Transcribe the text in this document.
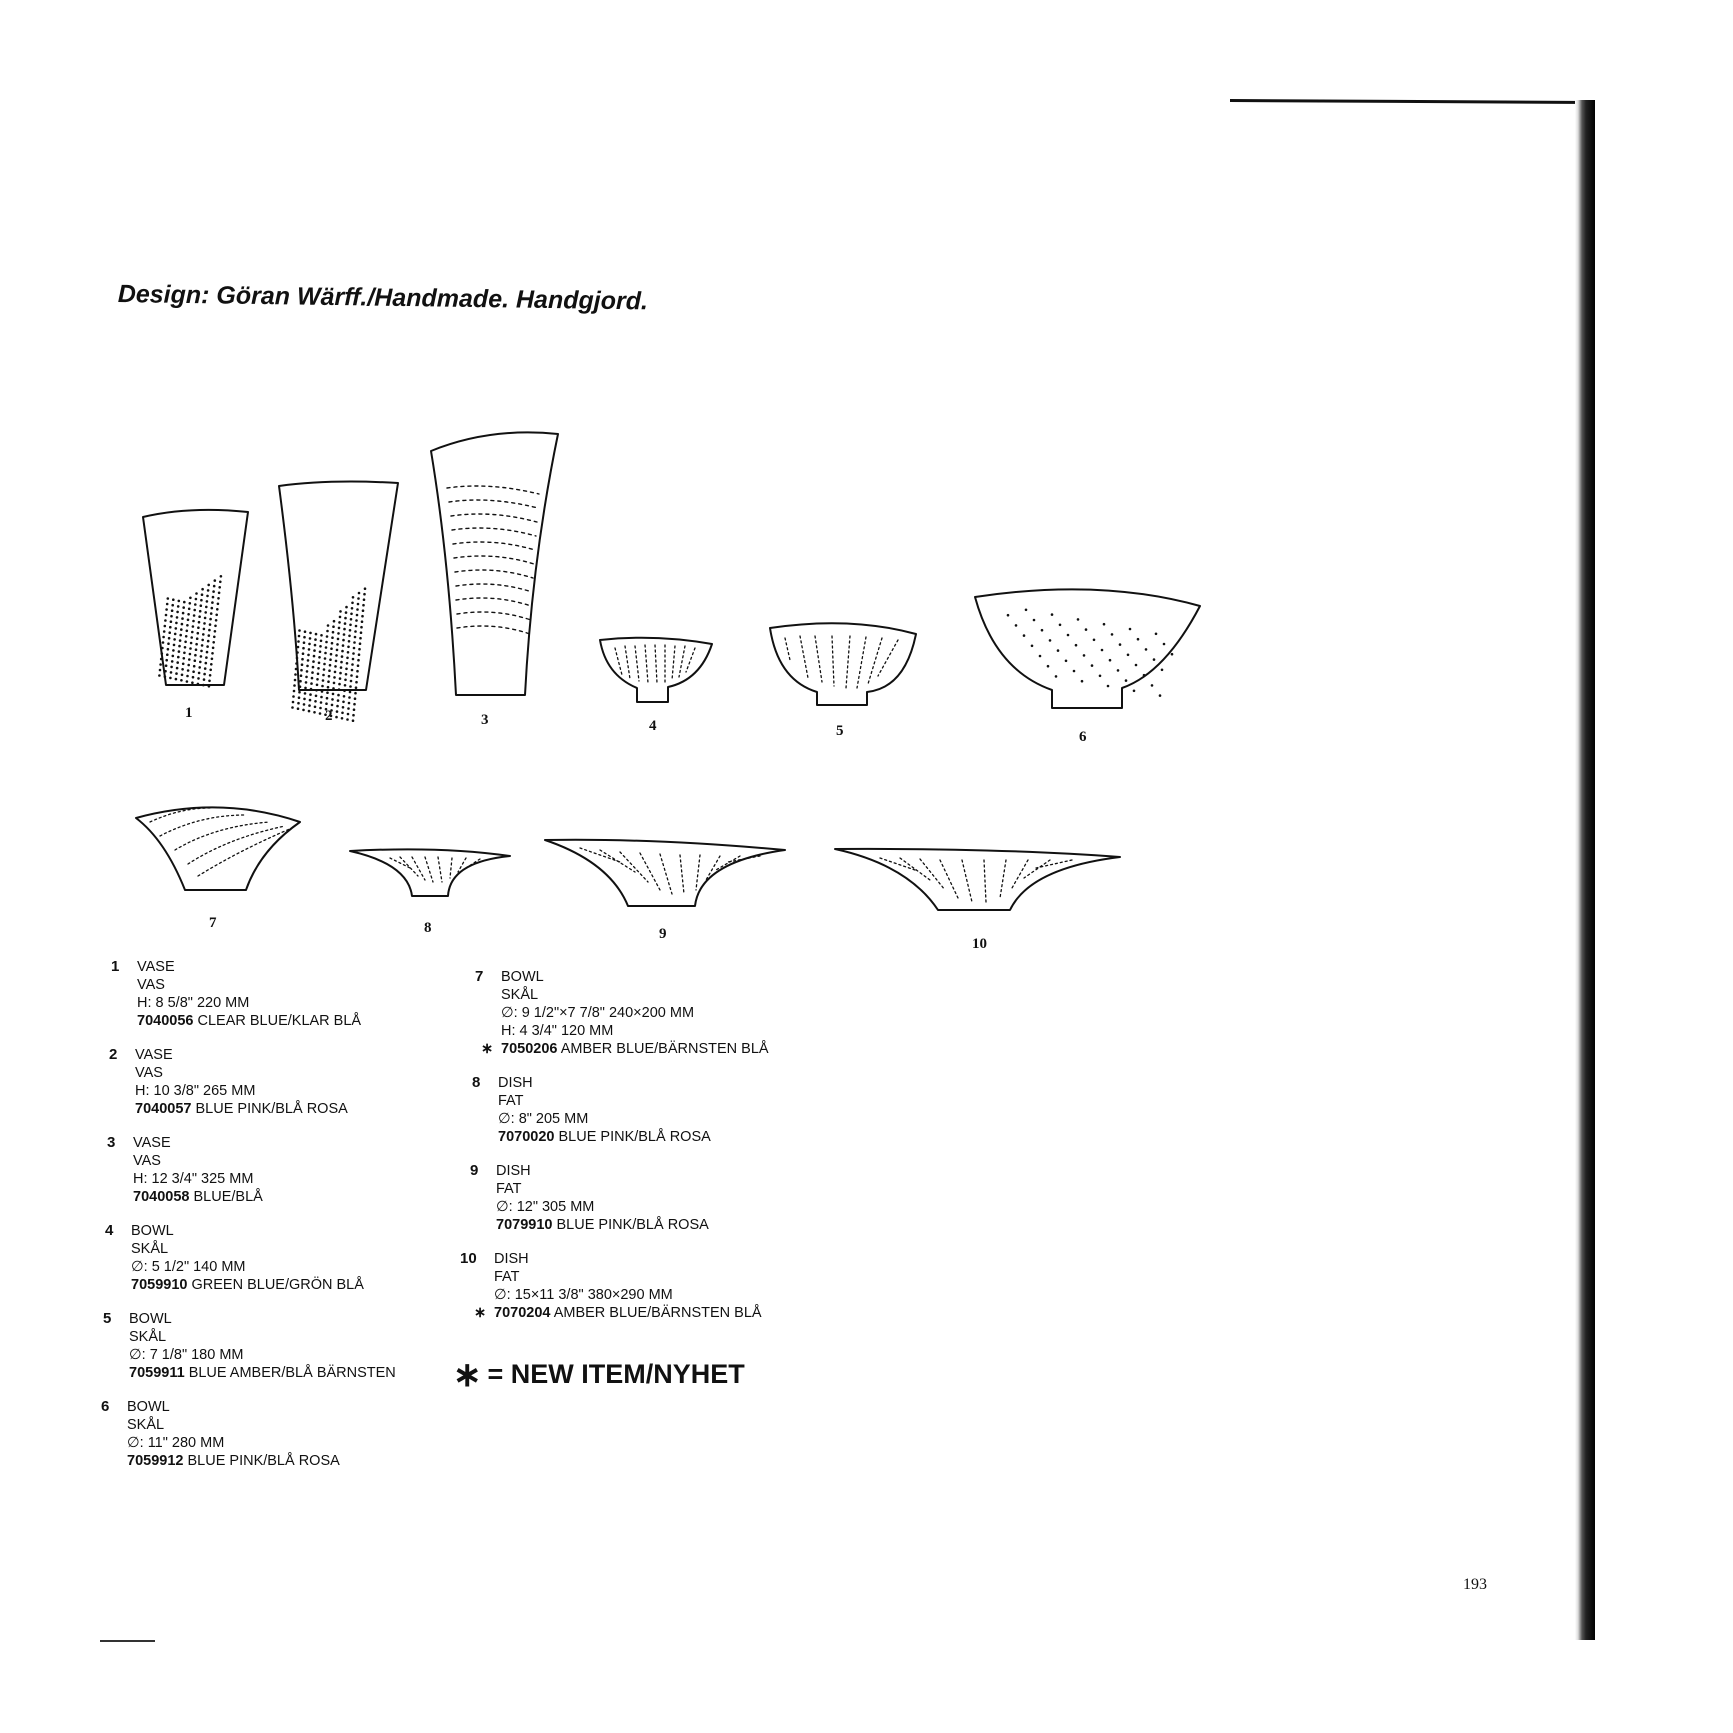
Design: Göran Wärff./Handmade. Handgjord.
1	2	3	4	5	6
7	8	9
10
1 VASE
VAS
H: 8 5/8" 220 MM
7040056 CLEAR BLUE/KLAR BLÅ
2 VASE
VAS
H: 10 3/8" 265 MM
7040057 BLUE PINK/BLÅ ROSA
3 VASE
VAS
H: 12 3/4" 325 MM
7040058 BLUE/BLÅ
4 BOWL
SKÅL
∅: 5 1/2" 140 MM
7059910 GREEN BLUE/GRÖN BLÅ
5 BOWL
SKÅL
∅: 7 1/8" 180 MM
7059911 BLUE AMBER/BLÅ BÄRNSTEN
6 BOWL
SKÅL
∅: 11" 280 MM
7059912 BLUE PINK/BLÅ ROSA
7 BOWL
SKÅL
∅: 9 1/2"×7 7/8" 240×200 MM
H: 4 3/4" 120 MM
∗ 7050206 AMBER BLUE/BÄRNSTEN BLÅ
8 DISH
FAT
∅: 8" 205 MM
7070020 BLUE PINK/BLÅ ROSA
9 DISH
FAT
∅: 12" 305 MM
7079910 BLUE PINK/BLÅ ROSA
10 DISH
FAT
∅: 15×11 3/8" 380×290 MM
∗ 7070204 AMBER BLUE/BÄRNSTEN BLÅ
∗ = NEW ITEM/NYHET
193
